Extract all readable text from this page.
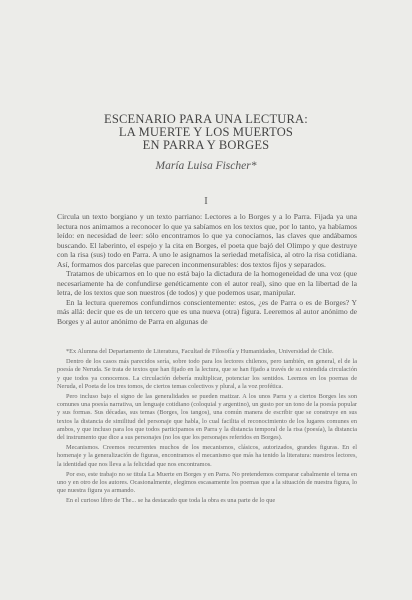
ESCENARIO PARA UNA LECTURA:
LA MUERTE Y LOS MUERTOS
EN PARRA Y BORGES
María Luisa Fischer*
I

Circula un texto borgiano y un texto parriano: Lectores a lo Borges y a lo Parra. Fijada ya una lectura nos animamos a reconocer lo que ya sabíamos en los textos que, por lo tanto, ya habíamos leído: en necesidad de leer: sólo encontramos lo que ya conocíamos, las claves que andábamos buscando. El laberinto, el espejo y la cita en Borges, el poeta que bajó del Olimpo y que destruye con la risa (sus) todo en Parra. A uno le asignamos la seriedad metafísica, al otro la risa cotidiana. Así, formamos dos parcelas que parecen inconmensurables: dos textos fijos y separados.

Tratamos de ubicarnos en lo que no está bajo la dictadura de la homogeneidad de una voz (que necesariamente ha de confundirse genéticamente con el autor real), sino que en la libertad de la letra, de los textos que son nuestros (de todos) y que podemos usar, manipular.

En la lectura queremos confundirnos conscientemente: estos, ¿es de Parra o es de Borges? Y más allá: decir que es de un tercero que es una nueva (otra) figura. Leeremos al autor anónimo de Borges y al autor anónimo de Parra en algunas de

*Ex Alumna del Departamento de Literatura, Facultad de Filosofía y Humanidades, Universidad de Chile.

Dentro de los casos más parecidos sería, sobre todo para los lectores chilenos, pero también, en general, el de la poesía de Neruda. Se trata de textos que han fijado en la lectura, que se han fijado a través de su extendida circulación y que todos ya conocemos. La circulación debería multiplicar, potenciar los sentidos. Leemos en los poemas de Neruda, el Poeta de los tres tomos, de ciertos temas colectivos y plural, a la voz profética.

Pero incluso bajo el signo de las generalidades se pueden matizar. A los unos Parra y a ciertos Borges les son comunes una poesía narrativa, un lenguaje cotidiano (coloquial y argentino), un gusto por un tono de la poesía popular y sus formas. Sus décadas, sus temas (Borges, los tangos), una común manera de escribir que se construye en sus textos la distancia de similitud del personaje que habla, lo cual facilita el reconocimiento de los lugares comunes en ambos, y que incluso para los que todos participamos en Parra y la distancia temporal de la risa (poesía), la distancia del instrumento que dice a sus personajes (no los que los personajes referidos en Borges).

Mecanismos. Creemos recurrentes muchos de los mecanismos, clásicos, autorizados, grandes figuras. En el homenaje y la generalización de figuras, encontramos el mecanismo que más ha tenido la literatura: nuestros lectores, la identidad que nos lleva a la felicidad que nos encontramos.

Por eso, este trabajo no se titula La Muerte en Borges y en Parra. No pretendemos comparar cabalmente el tema en uno y en otro de los autores. Ocasionalmente, elegimos escasamente los poemas que a la situación de nuestra figura, lo que nuestra figura ya armando.

En el curioso libro de The... se ha destacado que toda la obra es una parte de lo que
